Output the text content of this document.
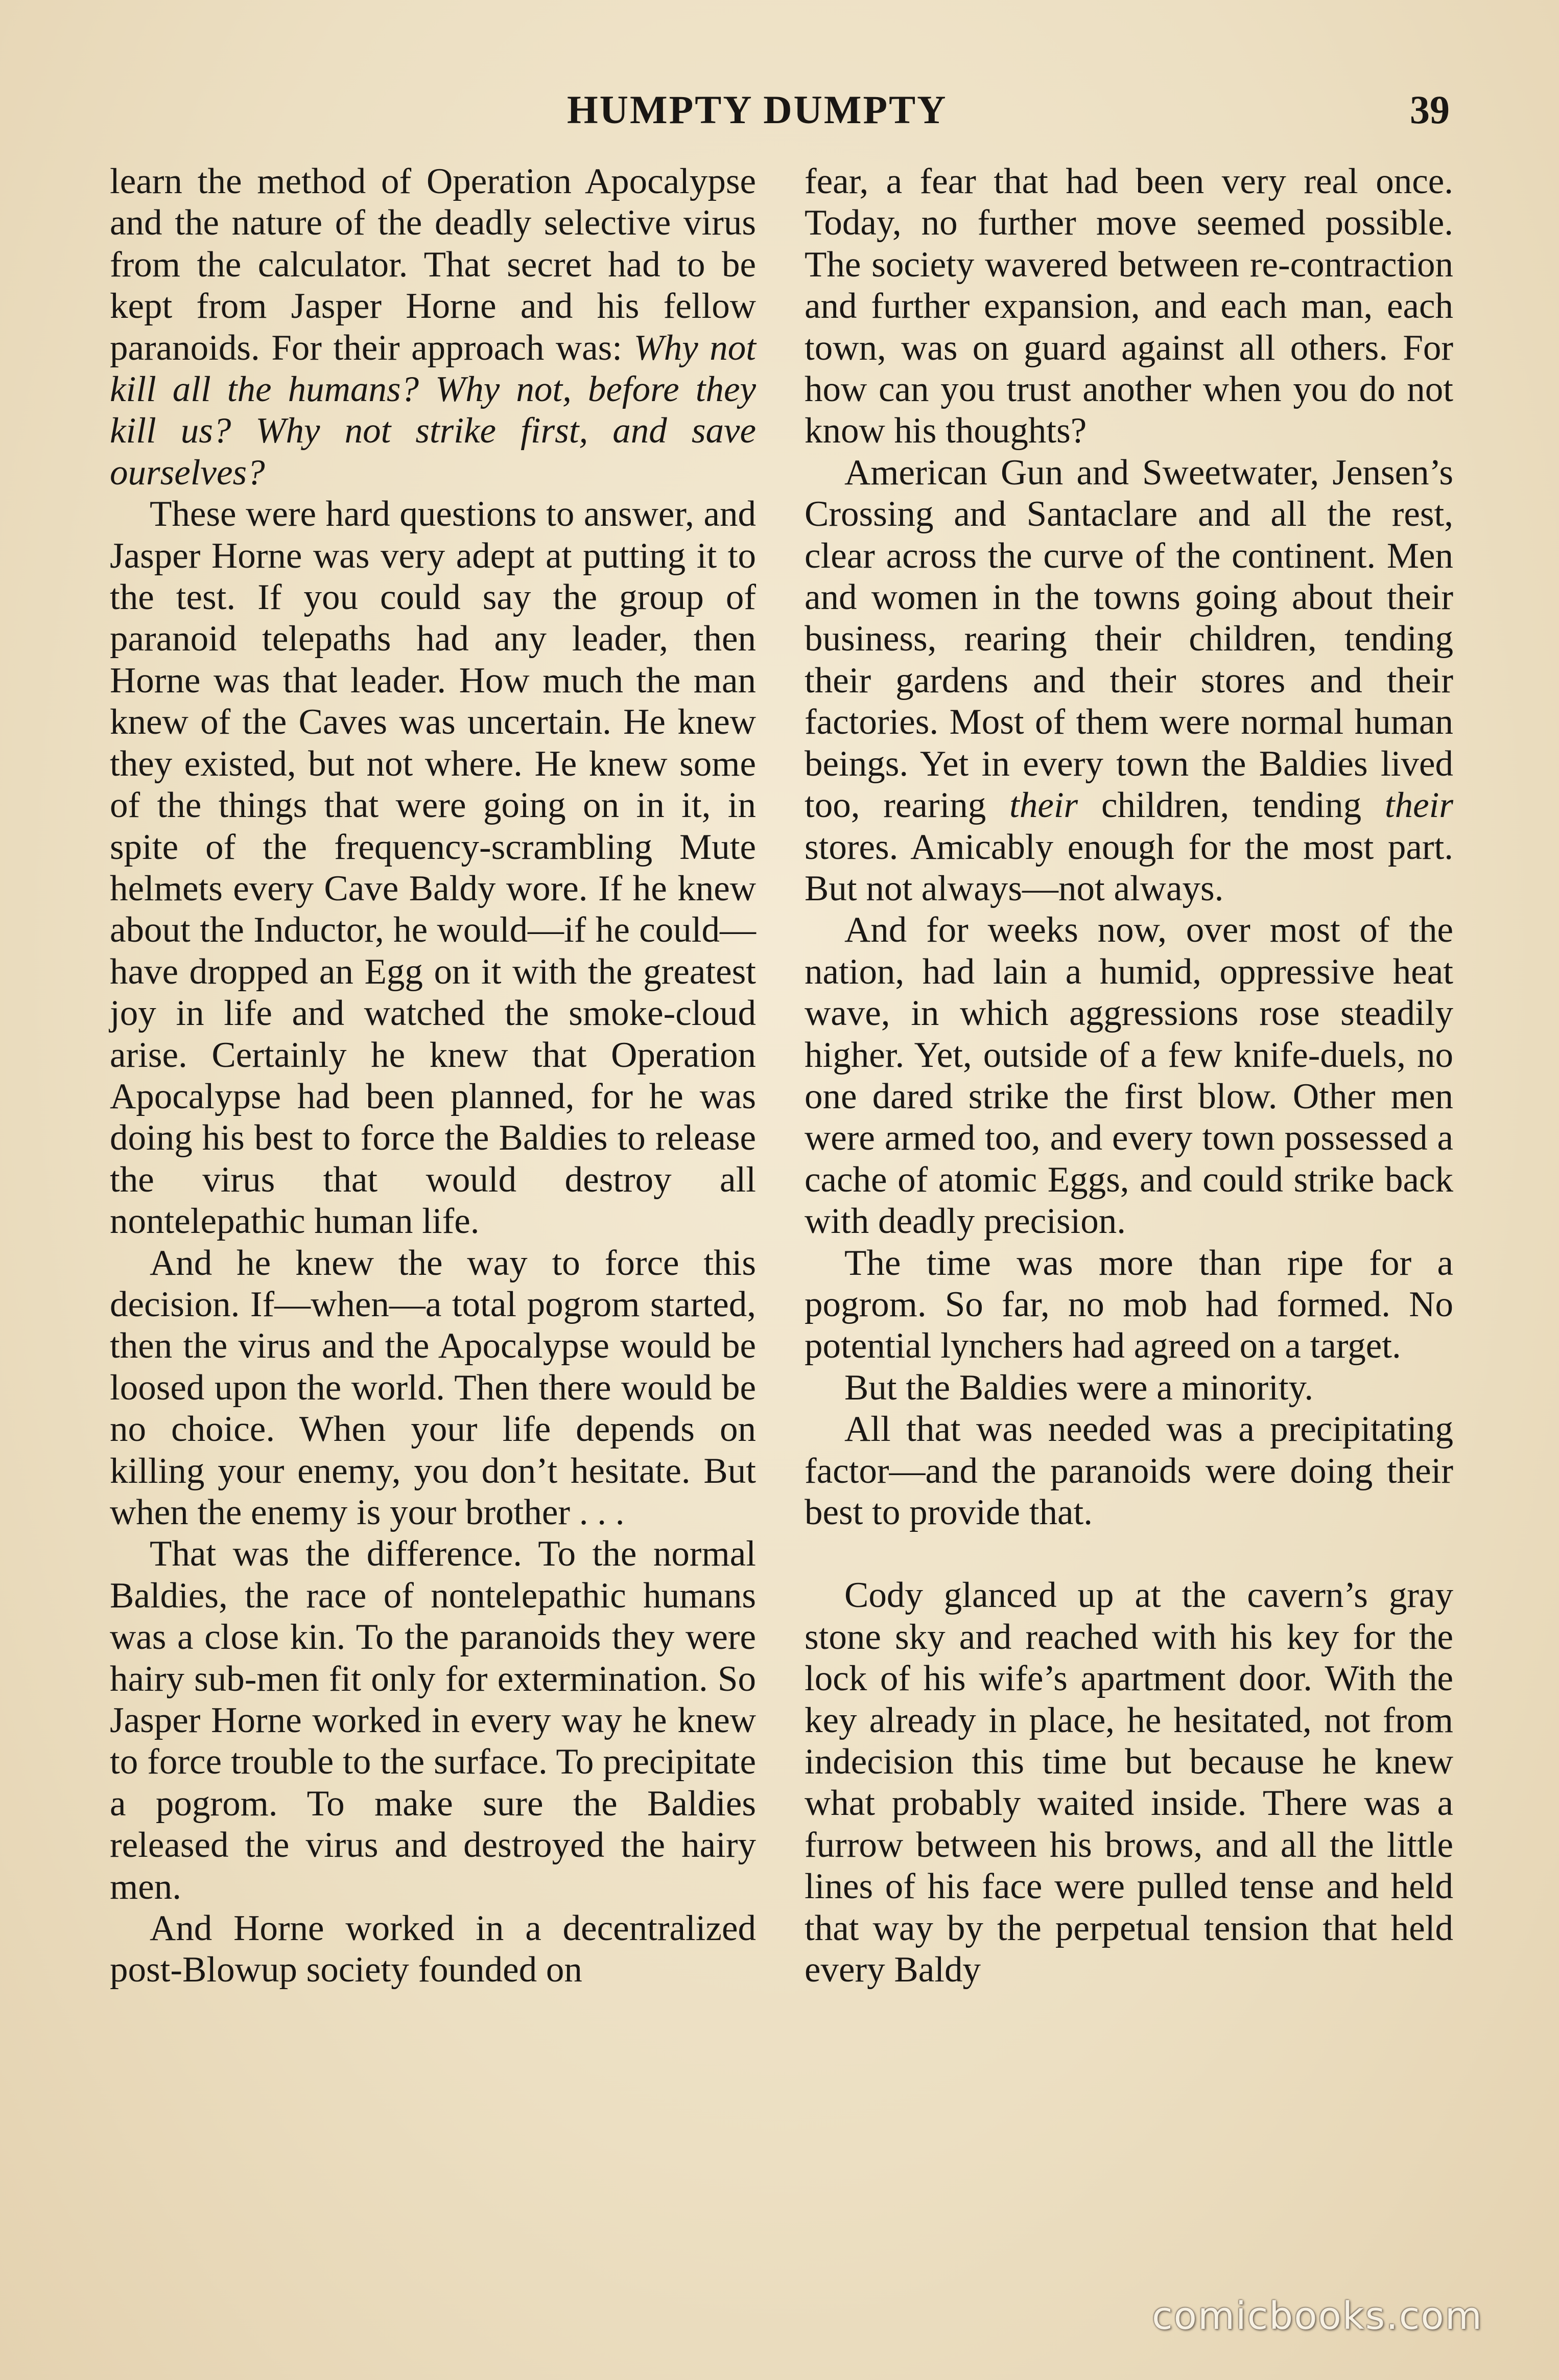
HUMPTY DUMPTY	39

learn the method of Operation Apocalypse and the nature of the deadly selective virus from the calculator. That secret had to be kept from Jasper Horne and his fellow paranoids. For their approach was: Why not kill all the humans? Why not, before they kill us? Why not strike first, and save ourselves?

These were hard questions to answer, and Jasper Horne was very adept at putting it to the test. If you could say the group of paranoid telepaths had any leader, then Horne was that leader. How much the man knew of the Caves was uncertain. He knew they existed, but not where. He knew some of the things that were going on in it, in spite of the frequency-scrambling Mute helmets every Cave Baldy wore. If he knew about the Inductor, he would—if he could—have dropped an Egg on it with the greatest joy in life and watched the smoke-cloud arise. Certainly he knew that Operation Apocalypse had been planned, for he was doing his best to force the Baldies to release the virus that would destroy all nontelepathic human life.

And he knew the way to force this decision. If—when—a total pogrom started, then the virus and the Apocalypse would be loosed upon the world. Then there would be no choice. When your life depends on killing your enemy, you don’t hesitate. But when the enemy is your brother . . .

That was the difference. To the normal Baldies, the race of nontelepathic humans was a close kin. To the paranoids they were hairy sub-men fit only for extermination. So Jasper Horne worked in every way he knew to force trouble to the surface. To precipitate a pogrom. To make sure the Baldies released the virus and destroyed the hairy men.

And Horne worked in a decentralized post-Blowup society founded on

fear, a fear that had been very real once. Today, no further move seemed possible. The society wavered between re-contraction and further expansion, and each man, each town, was on guard against all others. For how can you trust another when you do not know his thoughts?

American Gun and Sweetwater, Jensen’s Crossing and Santaclare and all the rest, clear across the curve of the continent. Men and women in the towns going about their business, rearing their children, tending their gardens and their stores and their factories. Most of them were normal human beings. Yet in every town the Baldies lived too, rearing their children, tending their stores. Amicably enough for the most part. But not always—not always.

And for weeks now, over most of the nation, had lain a humid, oppressive heat wave, in which aggressions rose steadily higher. Yet, outside of a few knife-duels, no one dared strike the first blow. Other men were armed too, and every town possessed a cache of atomic Eggs, and could strike back with deadly precision.

The time was more than ripe for a pogrom. So far, no mob had formed. No potential lynchers had agreed on a target.

But the Baldies were a minority.

All that was needed was a precipitating factor—and the paranoids were doing their best to provide that.

Cody glanced up at the cavern’s gray stone sky and reached with his key for the lock of his wife’s apartment door. With the key already in place, he hesitated, not from indecision this time but because he knew what probably waited inside. There was a furrow between his brows, and all the little lines of his face were pulled tense and held that way by the perpetual tension that held every Baldy

comicbooks.com
